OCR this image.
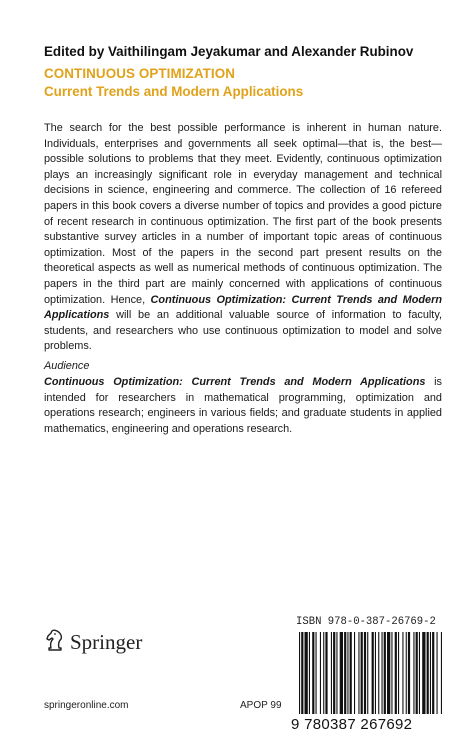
Edited by Vaithilingam Jeyakumar and Alexander Rubinov
CONTINUOUS OPTIMIZATION
Current Trends and Modern Applications

The search for the best possible performance is inherent in human nature. Individuals, enterprises and governments all seek optimal—that is, the best—possible solutions to problems that they meet. Evidently, continuous optimization plays an increasingly significant role in everyday management and technical decisions in science, engineering and commerce. The collection of 16 refereed papers in this book covers a diverse number of topics and provides a good picture of recent research in continuous optimization. The first part of the book presents substantive survey articles in a number of important topic areas of continuous optimization. Most of the papers in the second part present results on the theoretical aspects as well as numerical methods of continuous optimization. The papers in the third part are mainly concerned with applications of continuous optimization. Hence, Continuous Optimization: Current Trends and Modern Applications will be an additional valuable source of information to faculty, students, and researchers who use continuous optimization to model and solve problems.

Audience

Continuous Optimization: Current Trends and Modern Applications is intended for researchers in mathematical programming, optimization and operations research; engineers in various fields; and graduate students in applied mathematics, engineering and operations research.

Springer
springeronline.com	APOP 99
ISBN 978-0-387-26769-2
9 780387 267692
